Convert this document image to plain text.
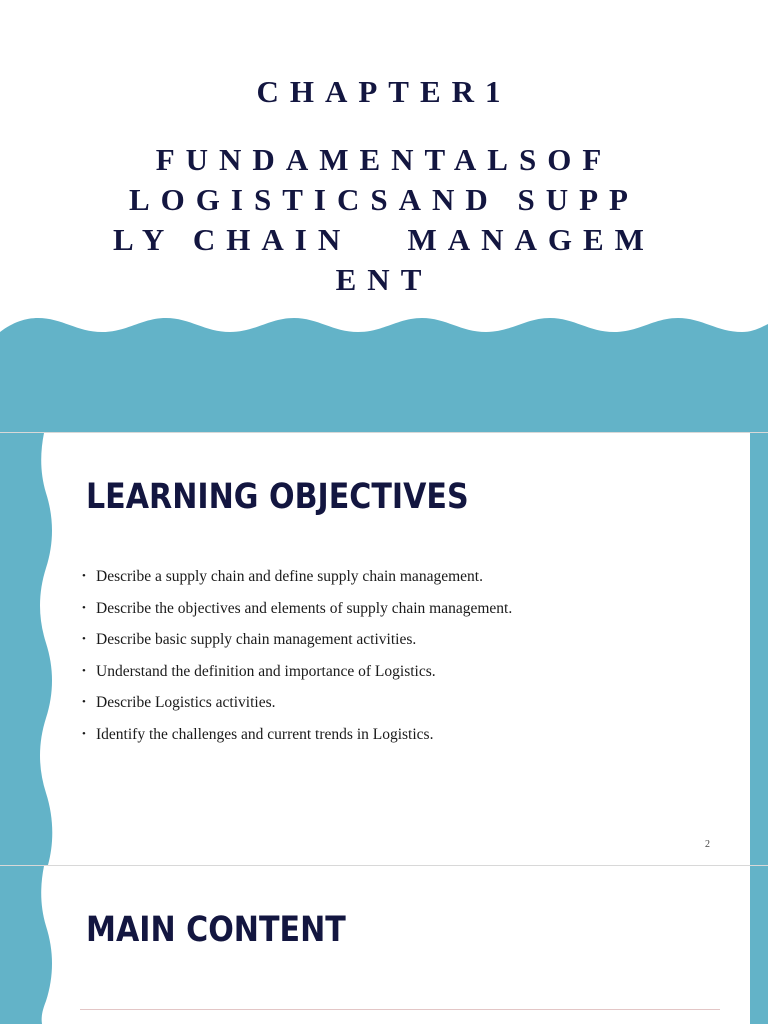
CHAPTER1

FUNDAMENTALSOF

LOGISTICSAND SUPP

LY CHAIN   MANAGEM

ENT

LEARNING OBJECTIVES
• Describe a supply chain and define supply chain management.
• Describe the objectives and elements of supply chain management.
• Describe basic supply chain management activities.
• Understand the definition and importance of Logistics.
• Describe Logistics activities.
• Identify the challenges and current trends in Logistics.
2
MAIN CONTENT
